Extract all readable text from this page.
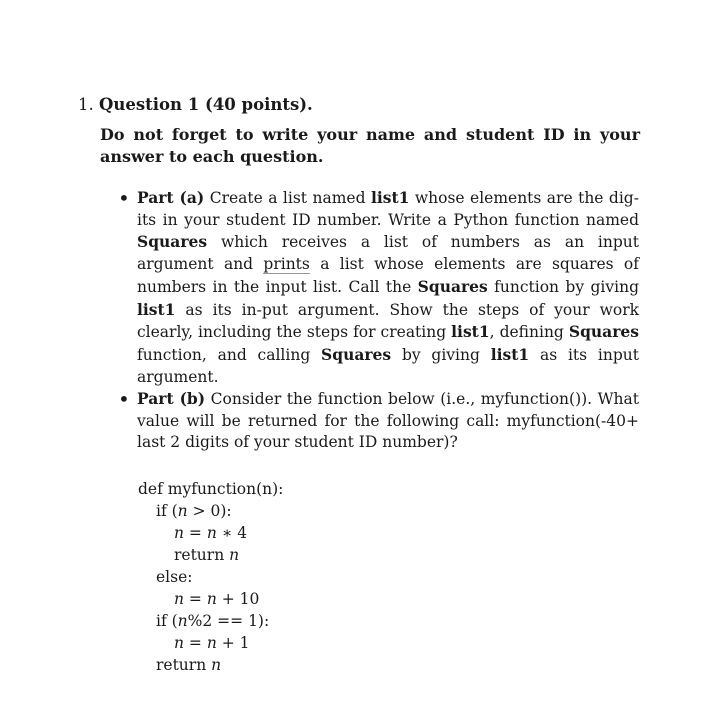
1. Question 1 (40 points).
Do not forget to write your name and student ID in your answer to each question.
• Part (a) Create a list named list1 whose elements are the dig-its in your student ID number. Write a Python function named Squares which receives a list of numbers as an input argument and prints a list whose elements are squares of numbers in the input list. Call the Squares function by giving list1 as its in-put argument. Show the steps of your work clearly, including the steps for creating list1, defining Squares function, and calling Squares by giving list1 as its input argument.
• Part (b) Consider the function below (i.e., myfunction()). What value will be returned for the following call: myfunction(-40+ last 2 digits of your student ID number)?
def myfunction(n):
if (n > 0):
n = n ∗ 4
return n
else:
n = n + 10
if (n%2 == 1):
n = n + 1
return n
